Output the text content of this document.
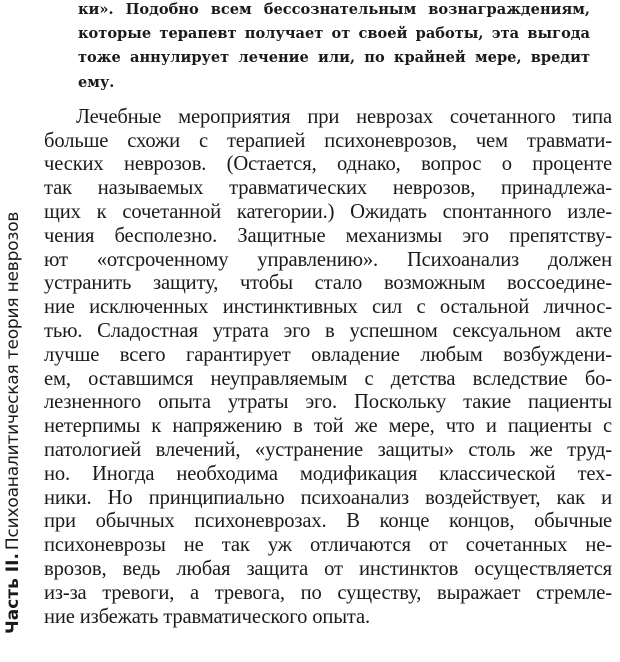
Часть II.Психоаналитическая теория неврозов
ки». Подобно всем бессознательным вознаграждениям,
которые терапевт получает от своей работы, эта выгода
тоже аннулирует лечение или, по крайней мере, вредит
ему.
Лечебные мероприятия при неврозах сочетанного типа
больше схожи с терапией психоневрозов, чем травмати-
ческих неврозов. (Остается, однако, вопрос о проценте
так называемых травматических неврозов, принадлежа-
щих к сочетанной категории.) Ожидать спонтанного изле-
чения бесполезно. Защитные механизмы эго препятству-
ют «отсроченному управлению». Психоанализ должен
устранить защиту, чтобы стало возможным воссоедине-
ние исключенных инстинктивных сил с остальной личнос-
тью. Сладостная утрата эго в успешном сексуальном акте
лучше всего гарантирует овладение любым возбуждени-
ем, оставшимся неуправляемым с детства вследствие бо-
лезненного опыта утраты эго. Поскольку такие пациенты
нетерпимы к напряжению в той же мере, что и пациенты с
патологией влечений, «устранение защиты» столь же труд-
но. Иногда необходима модификация классической тех-
ники. Но принципиально психоанализ воздействует, как и
при обычных психоневрозах. В конце концов, обычные
психоневрозы не так уж отличаются от сочетанных не-
врозов, ведь любая защита от инстинктов осуществляется
из-за тревоги, а тревога, по существу, выражает стремле-
ние избежать травматического опыта.
